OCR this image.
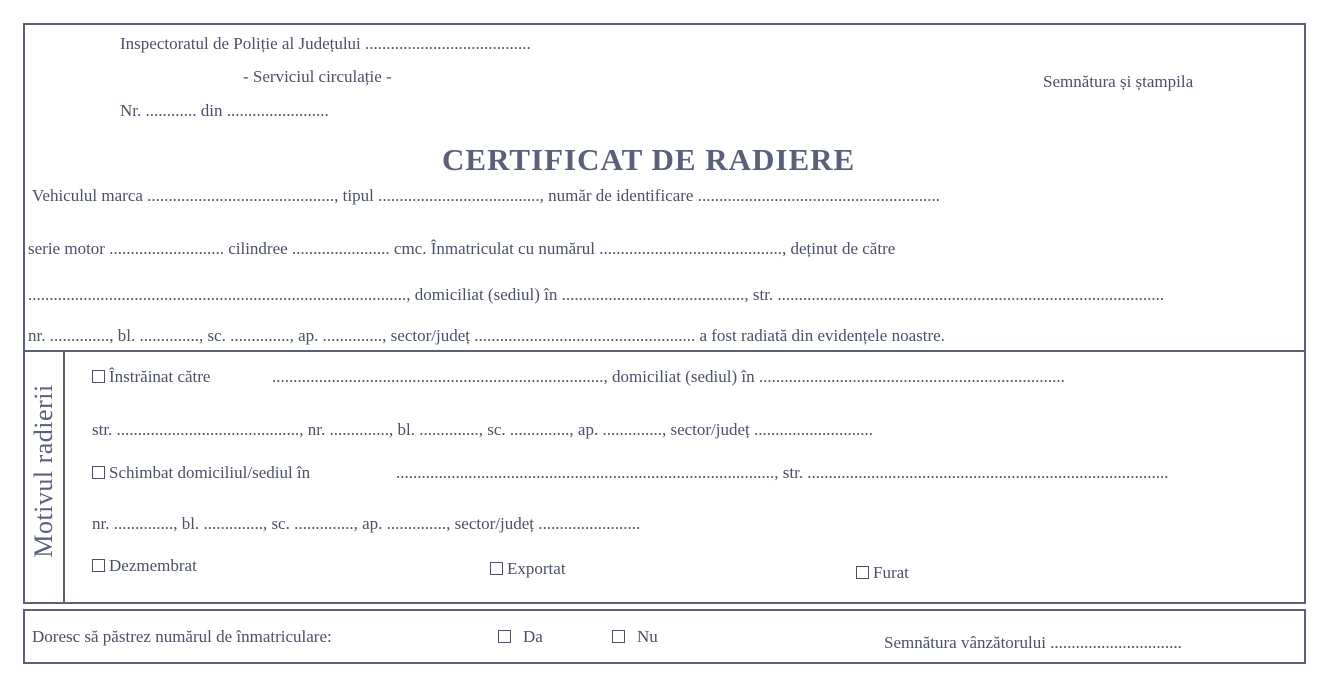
Inspectoratul de Poliție al Județului .......................................
- Serviciul circulație -
Nr. ............ din ........................
Semnătura și ștampila
CERTIFICAT DE RADIERE
Vehiculul marca ............................................, tipul ......................................, număr de identificare .........................................................
serie motor ........................... cilindree ....................... cmc. Înmatriculat cu numărul ..........................................., deținut de către
........................................................................................., domiciliat (sediul) în ..........................................., str. ...........................................................................................
nr. .............., bl. .............., sc. .............., ap. .............., sector/județ .................................................... a fost radiată din evidențele noastre.
Motivul radierii
Înstrăinat către	.............................................................................., domiciliat (sediul) în ........................................................................
str. ..........................................., nr. .............., bl. .............., sc. .............., ap. .............., sector/județ ............................
Schimbat domiciliul/sediul în	........................................................................................., str. .....................................................................................
nr. .............., bl. .............., sc. .............., ap. .............., sector/județ ........................
Dezmembrat	Exportat	Furat
Doresc să păstrez numărul de înmatriculare:	Da	Nu	Semnătura vânzătorului ...............................
